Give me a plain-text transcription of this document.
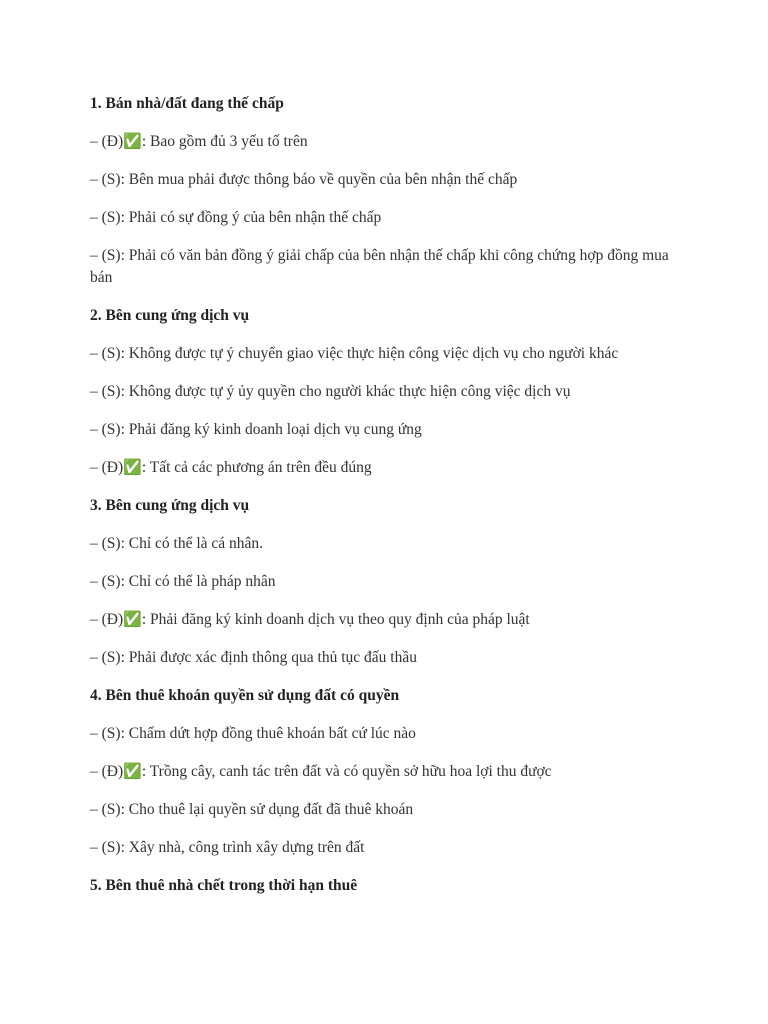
1. Bán nhà/đất đang thế chấp

– (Đ)✅: Bao gồm đủ 3 yếu tố trên

– (S): Bên mua phải được thông báo về quyền của bên nhận thế chấp

– (S): Phải có sự đồng ý của bên nhận thế chấp

– (S): Phải có văn bản đồng ý giải chấp của bên nhận thế chấp khi công chứng hợp đồng mua bán

2. Bên cung ứng dịch vụ

– (S): Không được tự ý chuyển giao việc thực hiện công việc dịch vụ cho người khác

– (S): Không được tự ý ủy quyền cho người khác thực hiện công việc dịch vụ

– (S): Phải đăng ký kinh doanh loại dịch vụ cung ứng

– (Đ)✅: Tất cả các phương án trên đều đúng

3. Bên cung ứng dịch vụ

– (S): Chỉ có thể là cá nhân.

– (S): Chỉ có thể là pháp nhân

– (Đ)✅: Phải đăng ký kinh doanh dịch vụ theo quy định của pháp luật

– (S): Phải được xác định thông qua thủ tục đấu thầu

4. Bên thuê khoán quyền sử dụng đất có quyền

– (S): Chấm dứt hợp đồng thuê khoán bất cứ lúc nào

– (Đ)✅: Trồng cây, canh tác trên đất và có quyền sở hữu hoa lợi thu được

– (S): Cho thuê lại quyền sử dụng đất đã thuê khoán

– (S): Xây nhà, công trình xây dựng trên đất

5. Bên thuê nhà chết trong thời hạn thuê
